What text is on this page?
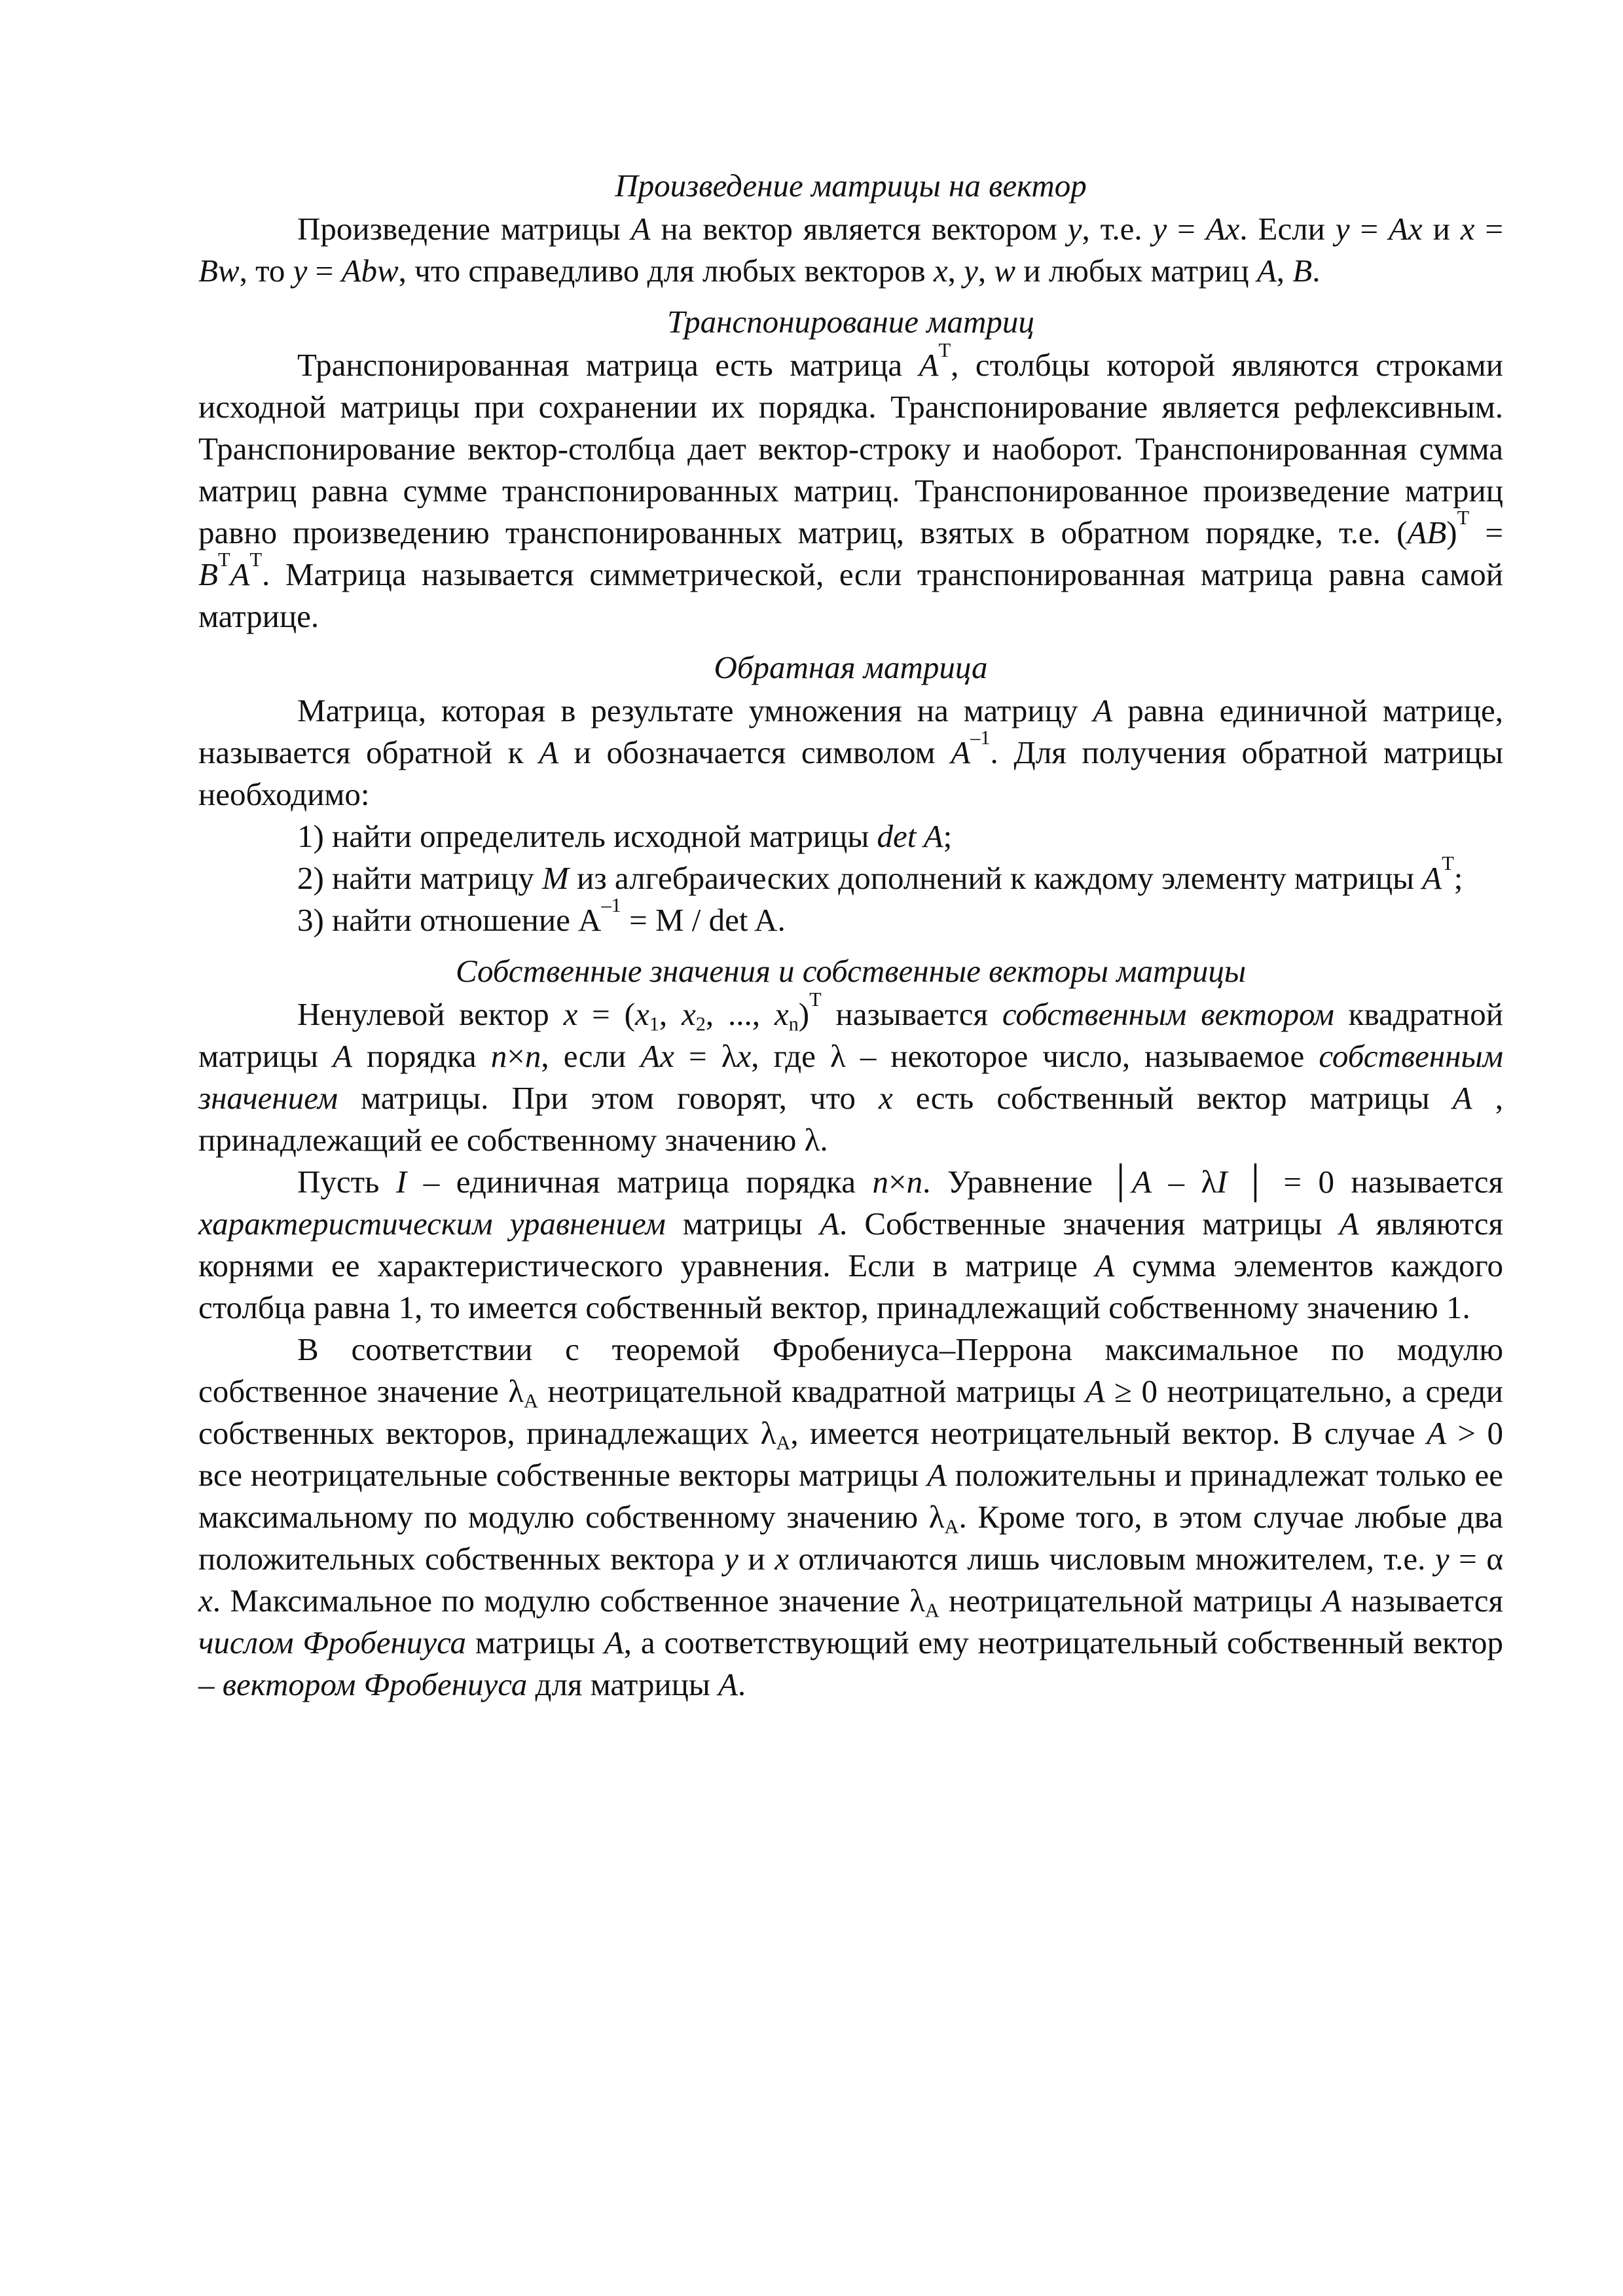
Произведение матрицы на вектор

Произведение матрицы A на вектор является вектором y, т.е. y = Ax. Если y = Ax и x = Bw, то y = Abw, что справедливо для любых векторов x, y, w и любых матриц A, B.

Транспонирование матриц

Транспонированная матрица есть матрица $A^T$, столбцы которой являются строками исходной матрицы при сохранении их порядка. Транспонирование является рефлексивным. Транспонирование вектор-столбца дает вектор-строку и наоборот. Транспонированная сумма матриц равна сумме транспонированных матриц. Транспонированное произведение матриц равно произведению транспонированных матриц, взятых в обратном порядке, т.е. $(AB)^T = B^TA^T$. Матрица называется симметрической, если транспонированная матрица равна самой матрице.

Обратная матрица

Матрица, которая в результате умножения на матрицу A равна единичной матрице, называется обратной к A и обозначается символом $A^{-1}$. Для получения обратной матрицы необходимо:

1) найти определитель исходной матрицы det A;

2) найти матрицу M из алгебраических дополнений к каждому элементу матрицы $A^T$;

3) найти отношение $A^{-1} = M / \det A$.

Собственные значения и собственные векторы матрицы

Ненулевой вектор $x = (x_1$, $x_2$, ..., $x_n)^T$ называется собственным вектором квадратной матрицы A порядка n×n, если Ax = λx, где λ – некоторое число, называемое собственным значением матрицы. При этом говорят, что x есть собственный вектор матрицы A , принадлежащий ее собственному значению λ.

Пусть I – единичная матрица порядка n×n. Уравнение │A – λI │ = 0 называется характеристическим уравнением матрицы A. Собственные значения матрицы A являются корнями ее характеристического уравнения. Если в матрице A сумма элементов каждого столбца равна 1, то имеется собственный вектор, принадлежащий собственному значению 1.

В соответствии с теоремой Фробениуса–Перрона максимальное по модулю собственное значение $\lambda_A$ неотрицательной квадратной матрицы A ≥ 0 неотрицательно, а среди собственных векторов, принадлежащих $\lambda_A$, имеется неотрицательный вектор. В случае A > 0 все неотрицательные собственные векторы матрицы A положительны и принадлежат только ее максимальному по модулю собственному значению $\lambda_A$. Кроме того, в этом случае любые два положительных собственных вектора y и x отличаются лишь числовым множителем, т.е. y = α x. Максимальное по модулю собственное значение $\lambda_A$ неотрицательной матрицы A называется числом Фробениуса матрицы A, а соответствующий ему неотрицательный собственный вектор – вектором Фробениуса для матрицы A.
